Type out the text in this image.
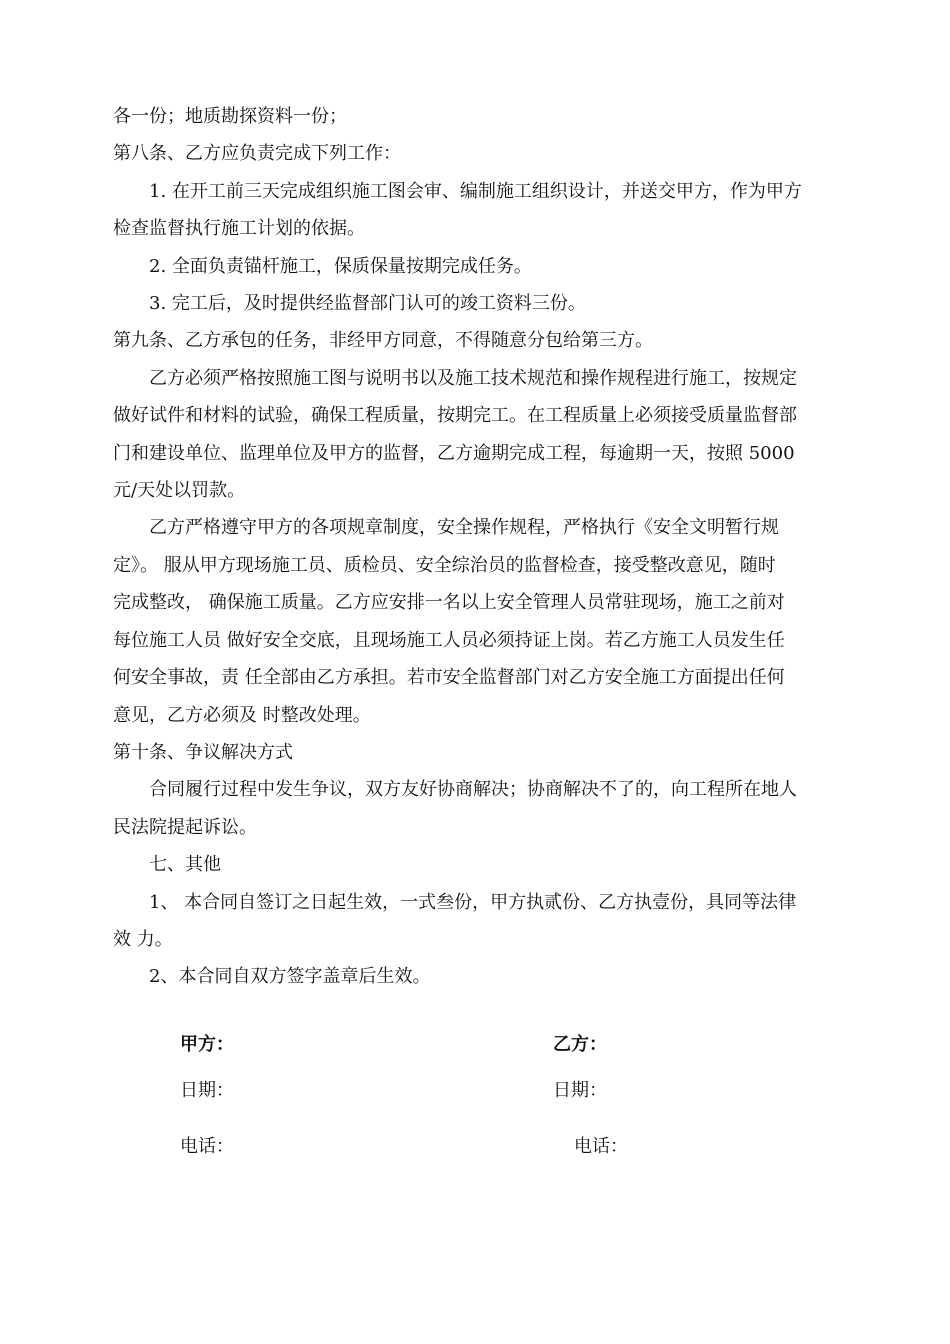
各一份；地质勘探资料一份；
第八条、乙方应负责完成下列工作：
1. 在开工前三天完成组织施工图会审、编制施工组织设计，并送交甲方，作为甲方
检查监督执行施工计划的依据。
2. 全面负责锚杆施工，保质保量按期完成任务。
3. 完工后，及时提供经监督部门认可的竣工资料三份。
第九条、乙方承包的任务，非经甲方同意，不得随意分包给第三方。
乙方必须严格按照施工图与说明书以及施工技术规范和操作规程进行施工，按规定
做好试件和材料的试验，确保工程质量，按期完工。在工程质量上必须接受质量监督部
门和建设单位、监理单位及甲方的监督，乙方逾期完成工程，每逾期一天，按照 5000
元/天处以罚款。
乙方严格遵守甲方的各项规章制度，安全操作规程，严格执行《安全文明暂行规
定》。 服从甲方现场施工员、质检员、安全综治员的监督检查，接受整改意见，随时
完成整改， 确保施工质量。乙方应安排一名以上安全管理人员常驻现场，施工之前对
每位施工人员 做好安全交底，且现场施工人员必须持证上岗。若乙方施工人员发生任
何安全事故，责 任全部由乙方承担。若市安全监督部门对乙方安全施工方面提出任何
意见，乙方必须及 时整改处理。
第十条、争议解决方式
合同履行过程中发生争议，双方友好协商解决；协商解决不了的，向工程所在地人
民法院提起诉讼。
七、其他
1、 本合同自签订之日起生效，一式叁份，甲方执贰份、乙方执壹份，具同等法律
效 力。
2、本合同自双方签字盖章后生效。
甲方：	乙方：
日期：	日期：
电话：	电话：
